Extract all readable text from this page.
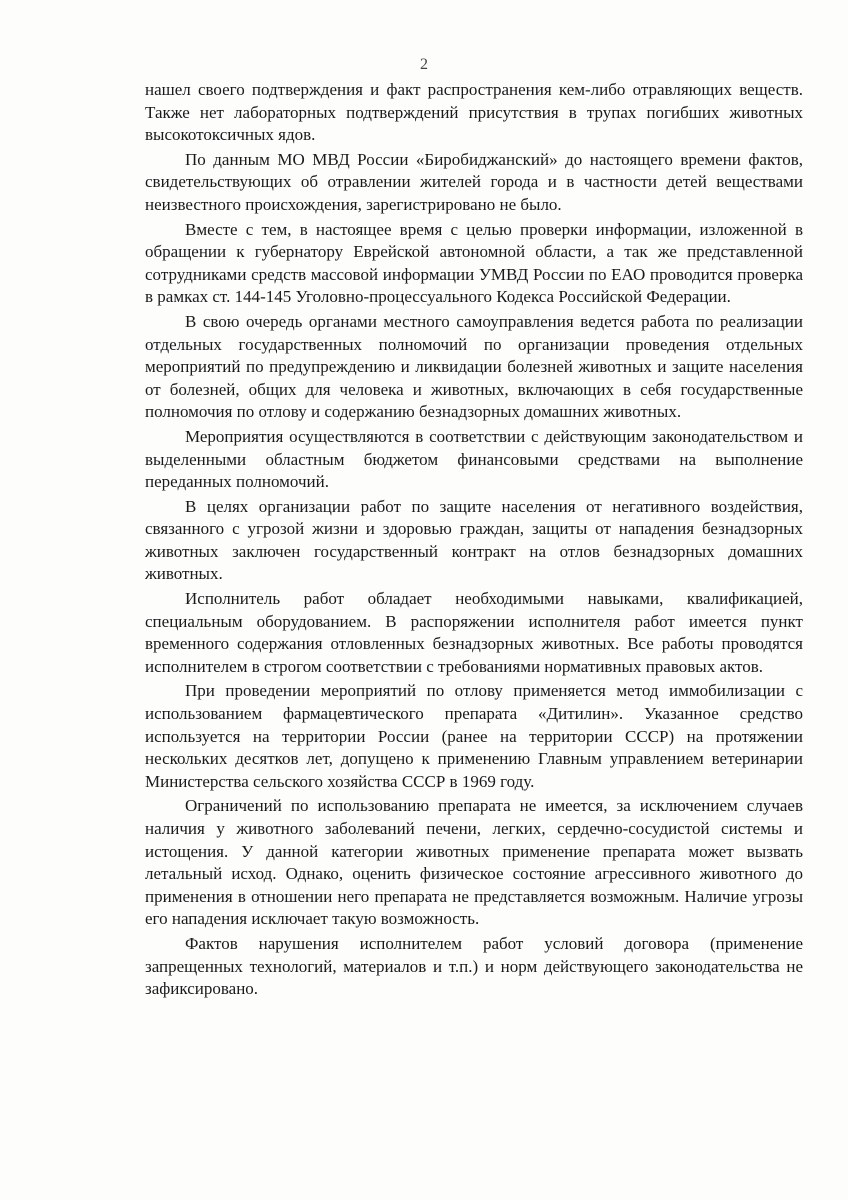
2

нашел своего подтверждения и факт распространения кем-либо отравляющих веществ. Также нет лабораторных подтверждений присутствия в трупах погибших животных высокотоксичных ядов.

По данным МО МВД России «Биробиджанский» до настоящего времени фактов, свидетельствующих об отравлении жителей города и в частности детей веществами неизвестного происхождения, зарегистрировано не было.

Вместе с тем, в настоящее время с целью проверки информации, изложенной в обращении к губернатору Еврейской автономной области, а так же представленной сотрудниками средств массовой информации УМВД России по ЕАО проводится проверка в рамках ст. 144-145 Уголовно-процессуального Кодекса Российской Федерации.

В свою очередь органами местного самоуправления ведется работа по реализации отдельных государственных полномочий по организации проведения отдельных мероприятий по предупреждению и ликвидации болезней животных и защите населения от болезней, общих для человека и животных, включающих в себя государственные полномочия по отлову и содержанию безнадзорных домашних животных.

Мероприятия осуществляются в соответствии с действующим законодательством и выделенными областным бюджетом финансовыми средствами на выполнение переданных полномочий.

В целях организации работ по защите населения от негативного воздействия, связанного с угрозой жизни и здоровью граждан, защиты от нападения безнадзорных животных заключен государственный контракт на отлов безнадзорных домашних животных.

Исполнитель работ обладает необходимыми навыками, квалификацией, специальным оборудованием. В распоряжении исполнителя работ имеется пункт временного содержания отловленных безнадзорных животных. Все работы проводятся исполнителем в строгом соответствии с требованиями нормативных правовых актов.

При проведении мероприятий по отлову применяется метод иммобилизации с использованием фармацевтического препарата «Дитилин». Указанное средство используется на территории России (ранее на территории СССР) на протяжении нескольких десятков лет, допущено к применению Главным управлением ветеринарии Министерства сельского хозяйства СССР в 1969 году.

Ограничений по использованию препарата не имеется, за исключением случаев наличия у животного заболеваний печени, легких, сердечно-сосудистой системы и истощения. У данной категории животных применение препарата может вызвать летальный исход. Однако, оценить физическое состояние агрессивного животного до применения в отношении него препарата не представляется возможным. Наличие угрозы его нападения исключает такую возможность.

Фактов нарушения исполнителем работ условий договора (применение запрещенных технологий, материалов и т.п.) и норм действующего законодательства не зафиксировано.
